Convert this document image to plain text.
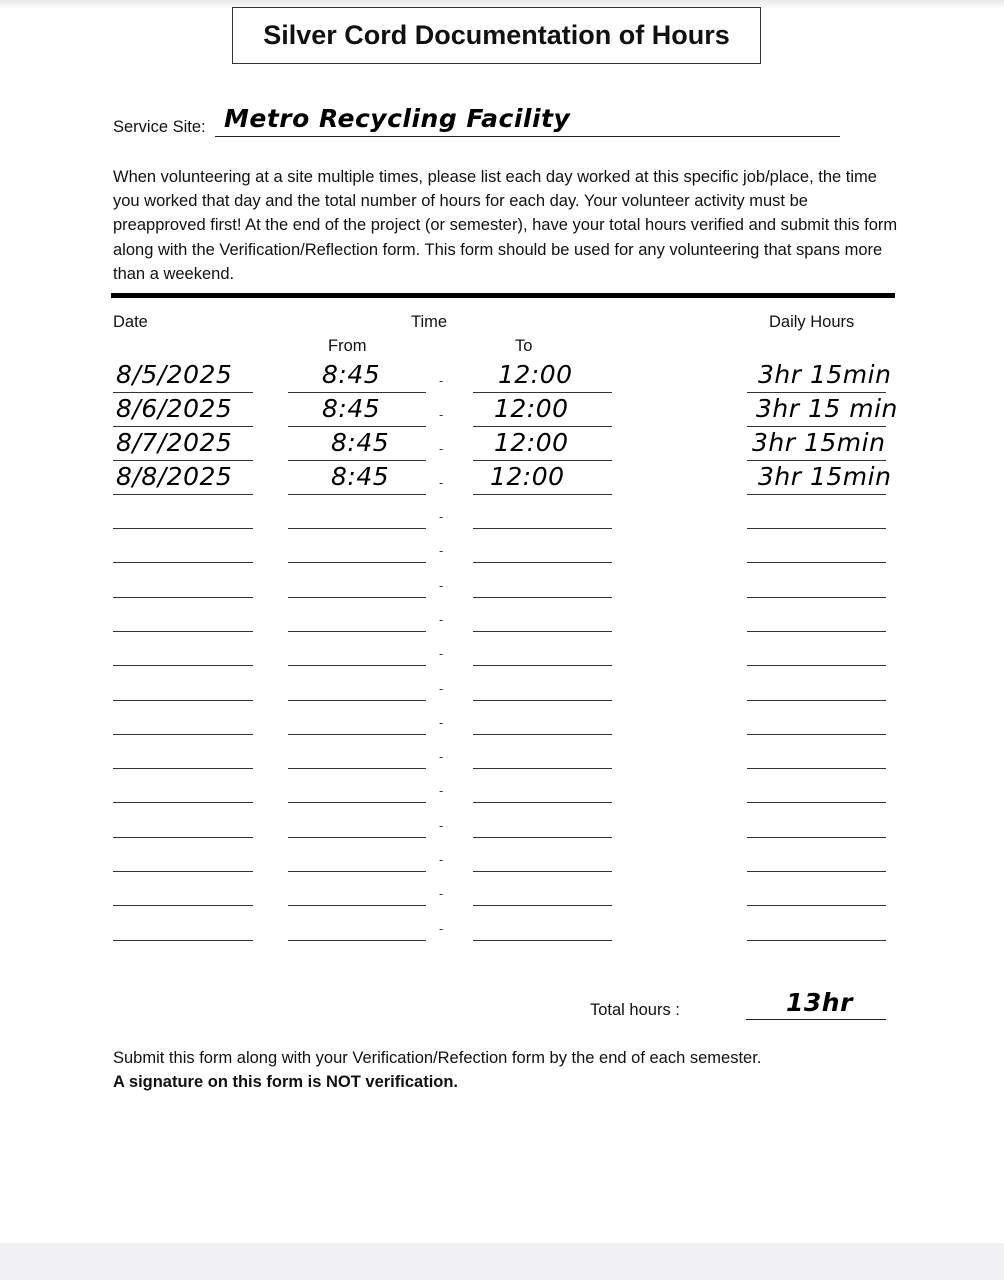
Silver Cord Documentation of Hours
Service Site: Metro Recycling Facility

When volunteering at a site multiple times, please list each day worked at this specific job/place, the time you worked that day and the total number of hours for each day. Your volunteer activity must be preapproved first! At the end of the project (or semester), have your total hours verified and submit this form along with the Verification/Reflection form. This form should be used for any volunteering that spans more than a weekend.

Date	Time	Daily Hours
From	To
8/5/2025	8:45	- 12:00	3hr 15min
8/6/2025	8:45	- 12:00	3hr 15 min
8/7/2025	8:45	- 12:00	3hr 15min
8/8/2025	8:45	- 12:00	3hr 15min
-
-
-
-
-
-
-
-
-
-
-
-
-
Total hours :	13hr
Submit this form along with your Verification/Refection form by the end of each semester.
A signature on this form is NOT verification.
